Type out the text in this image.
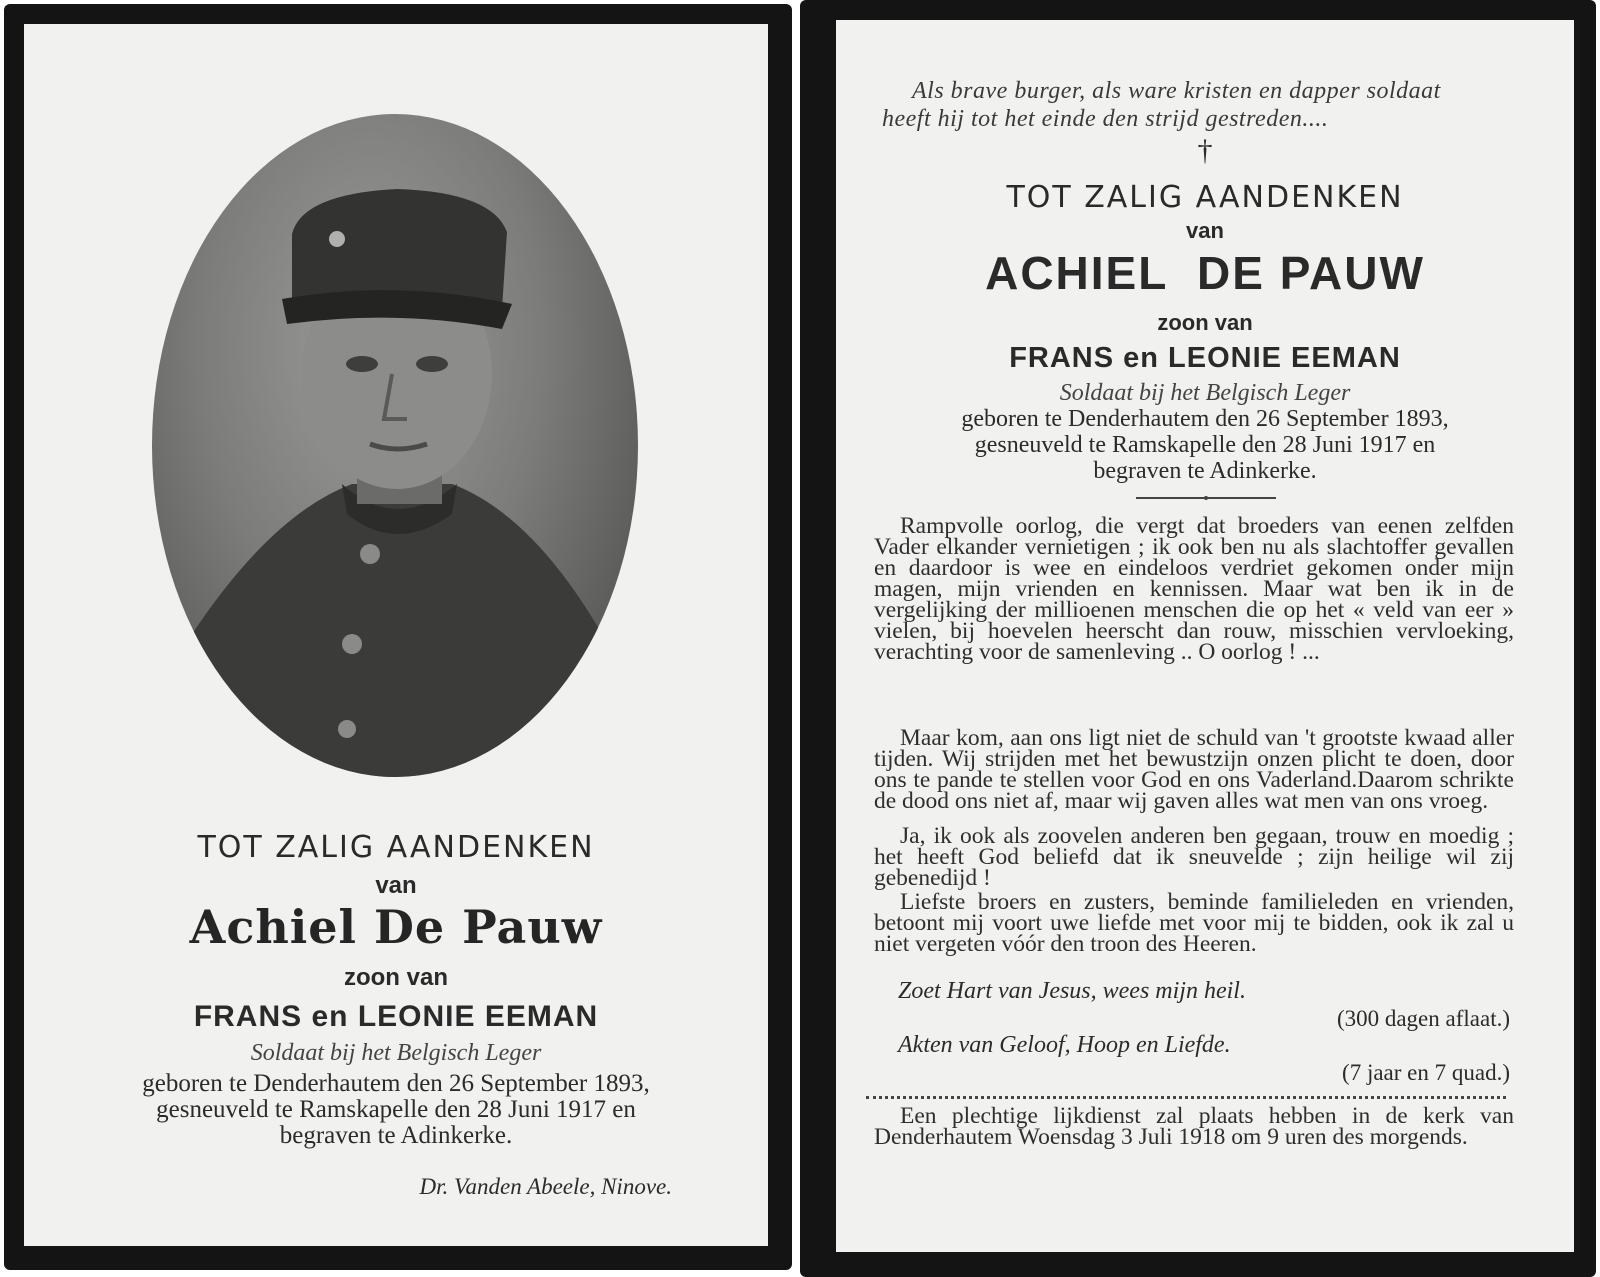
TOT ZALIG AANDENKEN
van
Achiel De Pauw
zoon van
FRANS en LEONIE EEMAN
Soldaat bij het Belgisch Leger
geboren te Denderhautem den 26 September 1893,
gesneuveld te Ramskapelle den 28 Juni 1917 en
begraven te Adinkerke.
Dr. Vanden Abeele, Ninove.
Als brave burger, als ware kristen en dapper soldaat
heeft hij tot het einde den strijd gestreden....
†
TOT ZALIG AANDENKEN
van
ACHIEL  DE PAUW
zoon van
FRANS en LEONIE EEMAN
Soldaat bij het Belgisch Leger
geboren te Denderhautem den 26 September 1893,
gesneuveld te Ramskapelle den 28 Juni 1917 en
begraven te Adinkerke.
Rampvolle oorlog, die vergt dat broeders van eenen zelfden Vader elkander vernietigen ; ik ook ben nu als slachtoffer gevallen en daardoor is wee en eindeloos verdriet gekomen onder mijn magen, mijn vrienden en kennissen. Maar wat ben ik in de vergelijking der millioenen menschen die op het « veld van eer » vielen, bij hoevelen heerscht dan rouw, misschien vervloeking, verachting voor de samenleving .. O oorlog ! ...
Maar kom, aan ons ligt niet de schuld van 't grootste kwaad aller tijden. Wij strijden met het bewustzijn onzen plicht te doen, door ons te pande te stellen voor God en ons Vaderland.Daarom schrikte de dood ons niet af, maar wij gaven alles wat men van ons vroeg.
Ja, ik ook als zoovelen anderen ben gegaan, trouw en moedig ; het heeft God beliefd dat ik sneuvelde ; zijn heilige wil zij gebenedijd !
Liefste broers en zusters, beminde familieleden en vrienden, betoont mij voort uwe liefde met voor mij te bidden, ook ik zal u niet vergeten vóór den troon des Heeren.
Zoet Hart van Jesus, wees mijn heil.
(300 dagen aflaat.)
Akten van Geloof, Hoop en Liefde.
(7 jaar en 7 quad.)
Een plechtige lijkdienst zal plaats hebben in de kerk van Denderhautem Woensdag 3 Juli 1918 om 9 uren des morgends.
